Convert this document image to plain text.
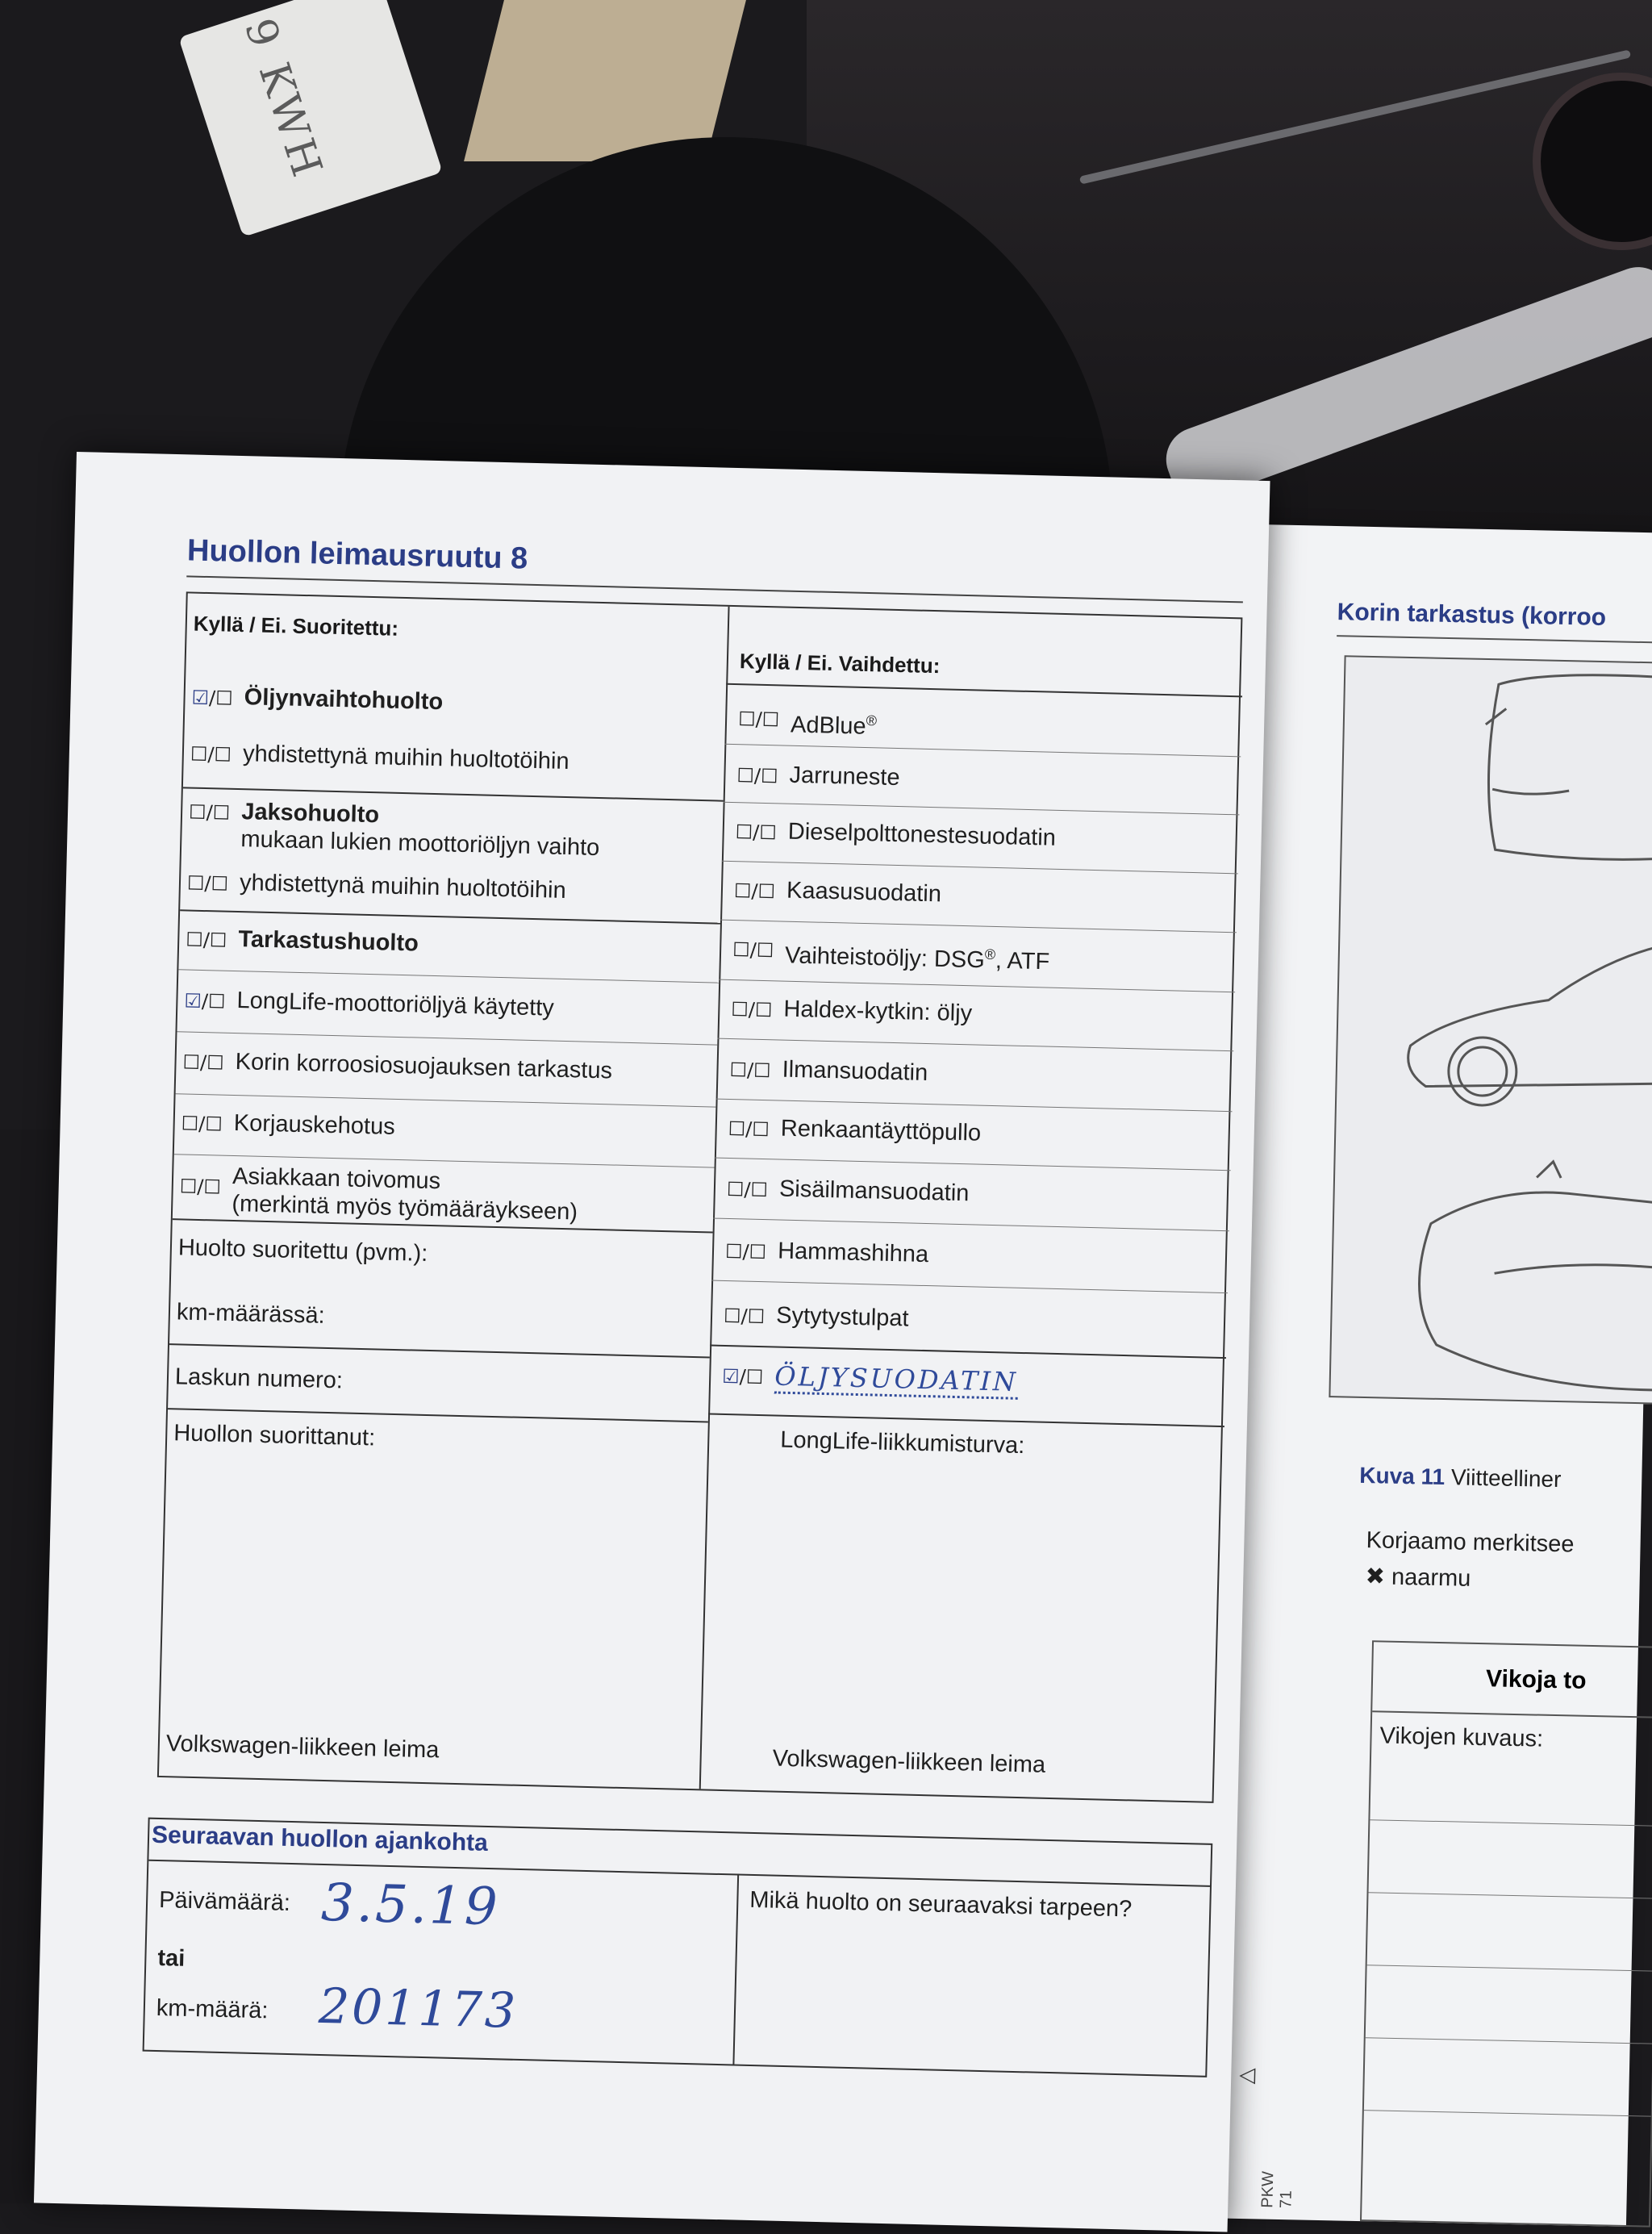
9 KWH
Korin tarkastus (korroo
Kuva 11 Viitteelliner
Korjaamo merkitsee
✖ naarmu
Vikoja to
Vikojen kuvaus:
Huollon leimausruutu 8
Kyllä / Ei. Suoritettu:
Kyllä / Ei. Vaihdettu:
☑/☐ Öljynvaihtohuolto
☐/☐ yhdistettynä muihin huoltotöihin
☐/☐ Jaksohuolto
mukaan lukien moottoriöljyn vaihto
☐/☐ yhdistettynä muihin huoltotöihin
☐/☐ Tarkastushuolto
☑/☐ LongLife-moottoriöljyä käytetty
☐/☐ Korin korroosiosuojauksen tarkastus
☐/☐ Korjauskehotus
☐/☐ Asiakkaan toivomus
(merkintä myös työmääräykseen)
Huolto suoritettu (pvm.):
km-määrässä:
Laskun numero:
Huollon suorittanut:
Volkswagen-liikkeen leima
☐/☐ AdBlue®
☐/☐ Jarruneste
☐/☐ Dieselpolttonestesuodatin
☐/☐ Kaasusuodatin
☐/☐ Vaihteistoöljy: DSG®, ATF
☐/☐ Haldex-kytkin: öljy
☐/☐ Ilmansuodatin
☐/☐ Renkaantäyttöpullo
☐/☐ Sisäilmansuodatin
☐/☐ Hammashihna
☐/☐ Sytytystulpat
☑/☐ ÖLJYSUODATIN
LongLife-liikkumisturva:
Volkswagen-liikkeen leima
Päivämäärä: 3.5.19
tai
km-määrä: 201173
Mikä huolto on seuraavaksi tarpeen?
Seuraavan huollon ajankohta
◁
PKW 71
